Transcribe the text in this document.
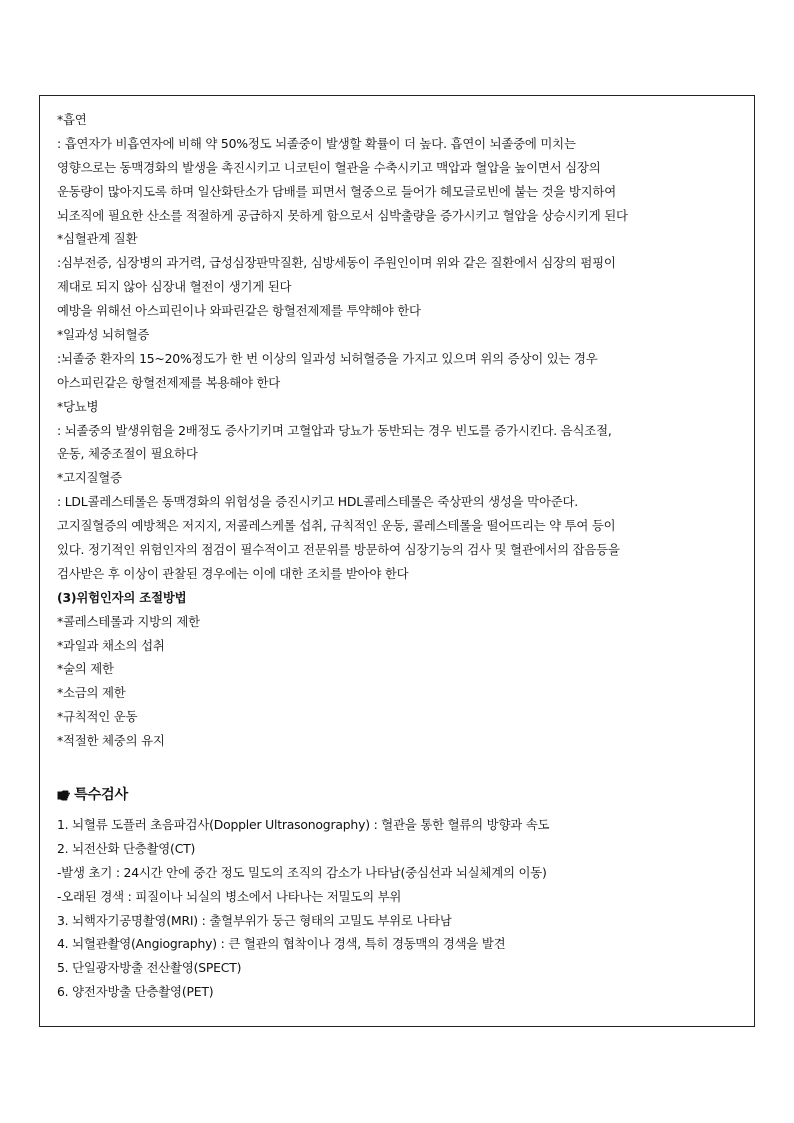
*흡연
: 흡연자가 비흡연자에 비해 약 50%정도 뇌졸중이 발생할 확률이 더 높다. 흡연이 뇌졸중에 미치는
영향으로는 동맥경화의 발생을 촉진시키고 니코틴이 혈관을 수축시키고 맥압과 혈압을 높이면서 심장의
운동량이 많아지도록 하며 일산화탄소가 담배를 피면서 혈중으로 들어가 헤모글로빈에 붙는 것을 방지하여
뇌조직에 필요한 산소를 적절하게 공급하지 못하게 함으로서 심박출량을 증가시키고 혈압을 상승시키게 된다
*심혈관계 질환
:심부전증, 심장병의 과거력, 급성심장판막질환, 심방세동이 주원인이며 위와 같은 질환에서 심장의 펌핑이
제대로 되지 않아 심장내 혈전이 생기게 된다
예방을 위해선 아스피린이나 와파린같은 항혈전제제를 투약해야 한다
*일과성 뇌허혈증
:뇌졸중 환자의 15~20%정도가 한 번 이상의 일과성 뇌허혈증을 가지고 있으며 위의 증상이 있는 경우
아스피린같은 항혈전제제를 복용해야 한다
*당뇨병
: 뇌졸중의 발생위험을 2배정도 증사기키며 고혈압과 당뇨가 동반되는 경우 빈도를 증가시킨다. 음식조절,
운동, 체중조절이 필요하다
*고지질혈증
: LDL콜레스테롤은 동맥경화의 위험성을 증진시키고 HDL콜레스테롤은 죽상판의 생성을 막아준다.
고지질혈증의 예방책은 저지지, 저콜레스케롤 섭취, 규칙적인 운동, 콜레스테롤을 떨어뜨리는 약 투여 등이
있다. 정기적인 위험인자의 점검이 필수적이고 전문위를 방문하여 심장기능의 검사 및 혈관에서의 잡음등을
검사받은 후 이상이 관찰된 경우에는 이에 대한 조치를 받아야 한다
(3)위험인자의 조절방법
*콜레스테롤과 지방의 제한
*과일과 채소의 섭취
*술의 제한
*소금의 제한
*규칙적인 운동
*적절한 체중의 유지
특수검사
1. 뇌혈류 도플러 초음파검사(Doppler Ultrasonography) : 혈관을 통한 혈류의 방향과 속도
2. 뇌전산화 단층촬영(CT)
-발생 초기 : 24시간 안에 중간 정도 밀도의 조직의 감소가 나타남(중심선과 뇌실체계의 이동)
-오래된 경색 : 피질이나 뇌실의 병소에서 나타나는 저밀도의 부위
3. 뇌핵자기공명촬영(MRI) : 출혈부위가 둥근 형태의 고밀도 부위로 나타남
4. 뇌혈관촬영(Angiography) : 큰 혈관의 협착이나 경색, 특히 경동맥의 경색을 발견
5. 단일광자방출 전산촬영(SPECT)
6. 양전자방출 단층촬영(PET)
